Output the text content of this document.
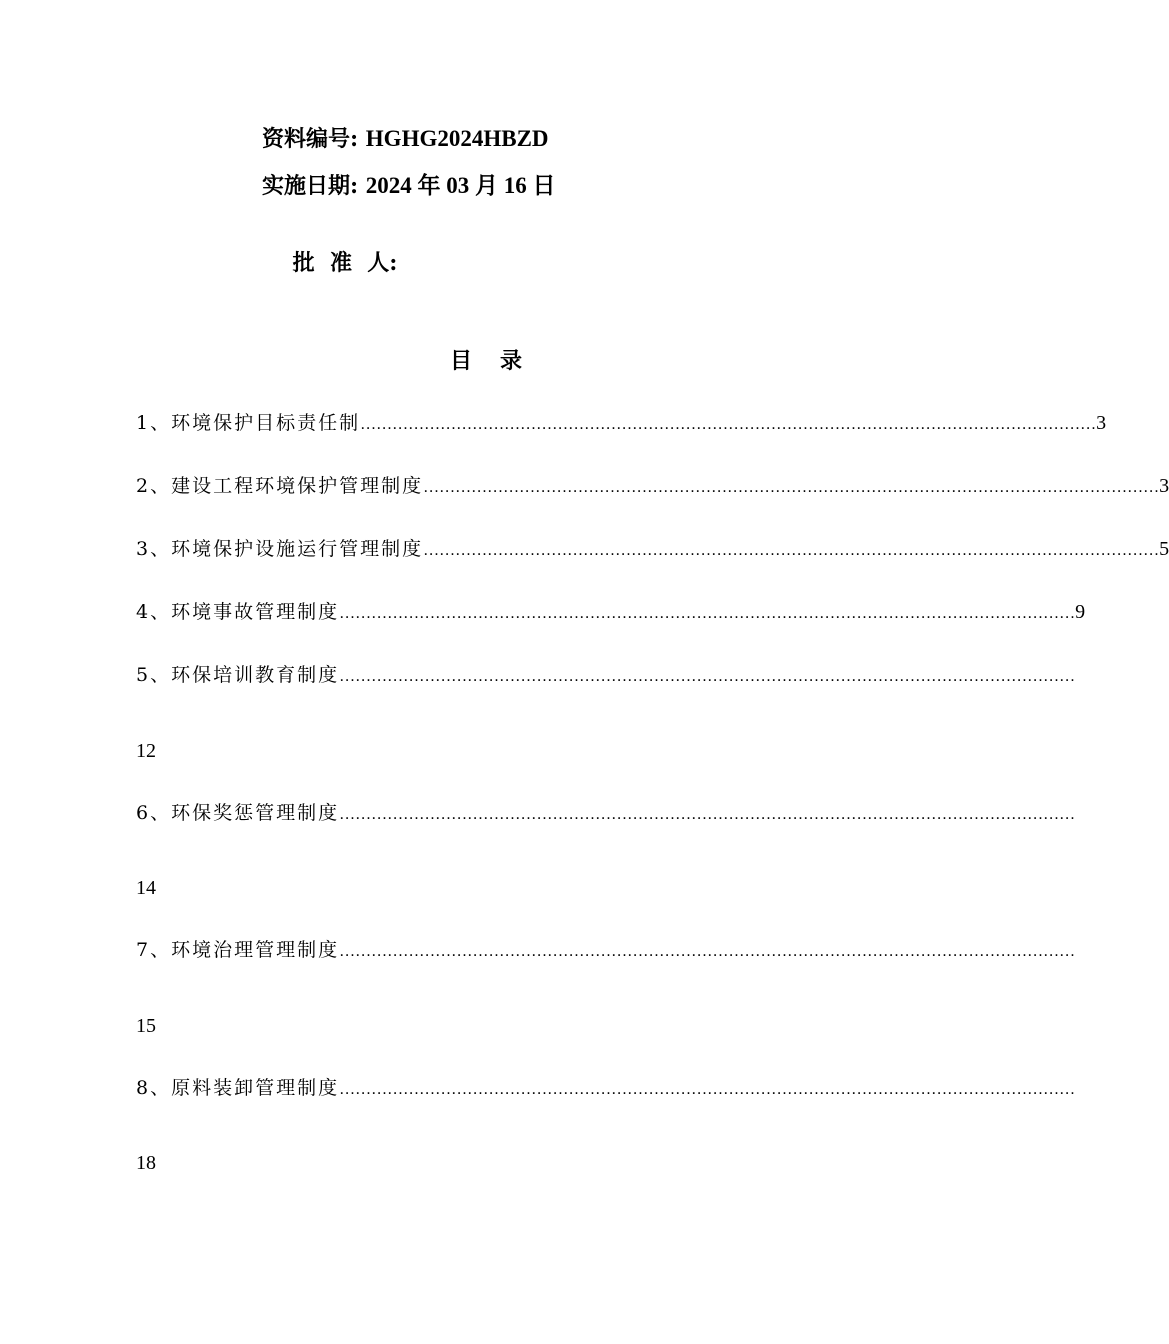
资料编号: HGHG2024HBZD
实施日期: 2024 年 03 月 16 日

批  准  人:

目录
1、环境保护目标责任制 ………………………………………………………………………………………………………………………… 3
2、建设工程环境保护管理制度 ………………………………………………………………………………………………………………………… 3
3、环境保护设施运行管理制度 ………………………………………………………………………………………………………………………… 5
4、环境事故管理制度 ………………………………………………………………………………………………………………………… 9
5、环保培训教育制度 …………………………………………………………………………………………………………………………
12
6、环保奖惩管理制度 …………………………………………………………………………………………………………………………
14
7、环境治理管理制度 …………………………………………………………………………………………………………………………
15
8、原料装卸管理制度 …………………………………………………………………………………………………………………………
18
